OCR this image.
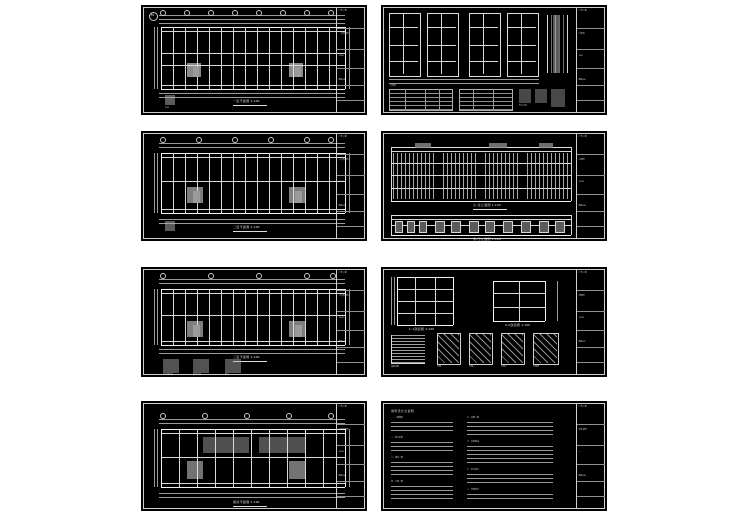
N
一层平面图 1:100
1:20
厂房工程
一层平面图
1:100
建施-01
门窗表
节点大样
厂房工程
门窗表
1:50
建施-05
二层平面图 1:100
厂房工程
二层平面图
1:100
建施-02	①-⑯立面图 1:100
⑯-①立面图 1:100
厂房工程
立面图
1:100
建施-06
三层平面图 1:100
卫生间大样	楼梯大样	节点一
厂房工程
三层平面图
1:100
建施-03
1-1剖面图 1:100
2-2剖面图 1:100
楼梯剖面	详图一	详图二	详图三	详图四
厂房工程
剖面图
1:100
建施-07
屋顶平面图 1:100
厂房工程
屋顶平面图
1:100
建施-04
建筑设计总说明
一、工程概况
二、设计依据
三、墙体工程
四、门窗工程
五、屋面工程
六、装修做法
七、防火设计
八、节能设计
厂房工程
设计说明
—
建施-08
